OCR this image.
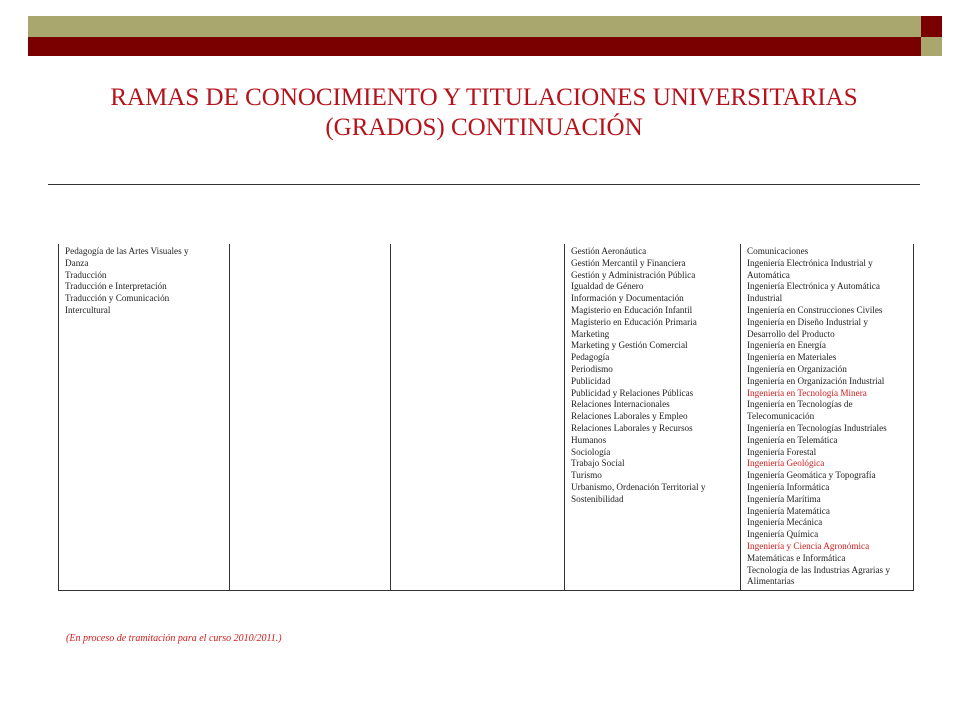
RAMAS DE CONOCIMIENTO Y TITULACIONES UNIVERSITARIAS
(GRADOS) CONTINUACIÓN
Pedagogía de las Artes Visuales y
Danza
Traducción
Traducción e Interpretación
Traducción y Comunicación
Intercultural
Gestión Aeronáutica
Gestión Mercantil y Financiera
Gestión y Administración Pública
Igualdad de Género
Información y Documentación
Magisterio en Educación Infantil
Magisterio en Educación Primaria
Marketing
Marketing y Gestión Comercial
Pedagogía
Periodismo
Publicidad
Publicidad y Relaciones Públicas
Relaciones Internacionales
Relaciones Laborales y Empleo
Relaciones Laborales y Recursos
Humanos
Sociología
Trabajo Social
Turismo
Urbanismo, Ordenación Territorial y
Sostenibilidad
Comunicaciones
Ingeniería Electrónica Industrial y
Automática
Ingeniería Electrónica y Automática
Industrial
Ingeniería en Construcciones Civiles
Ingeniería en Diseño Industrial y
Desarrollo del Producto
Ingeniería en Energía
Ingeniería en Materiales
Ingeniería en Organización
Ingeniería en Organización Industrial
Ingeniería en Tecnología Minera
Ingeniería en Tecnologías de
Telecomunicación
Ingeniería en Tecnologías Industriales
Ingeniería en Telemática
Ingeniería Forestal
Ingeniería Geológica
Ingeniería Geomática y Topografía
Ingeniería Informática
Ingeniería Marítima
Ingeniería Matemática
Ingeniería Mecánica
Ingeniería Química
Ingeniería y Ciencia Agronómica
Matemáticas e Informática
Tecnología de las Industrias Agrarias y
Alimentarias
(En proceso de tramitación para el curso 2010/2011.)
